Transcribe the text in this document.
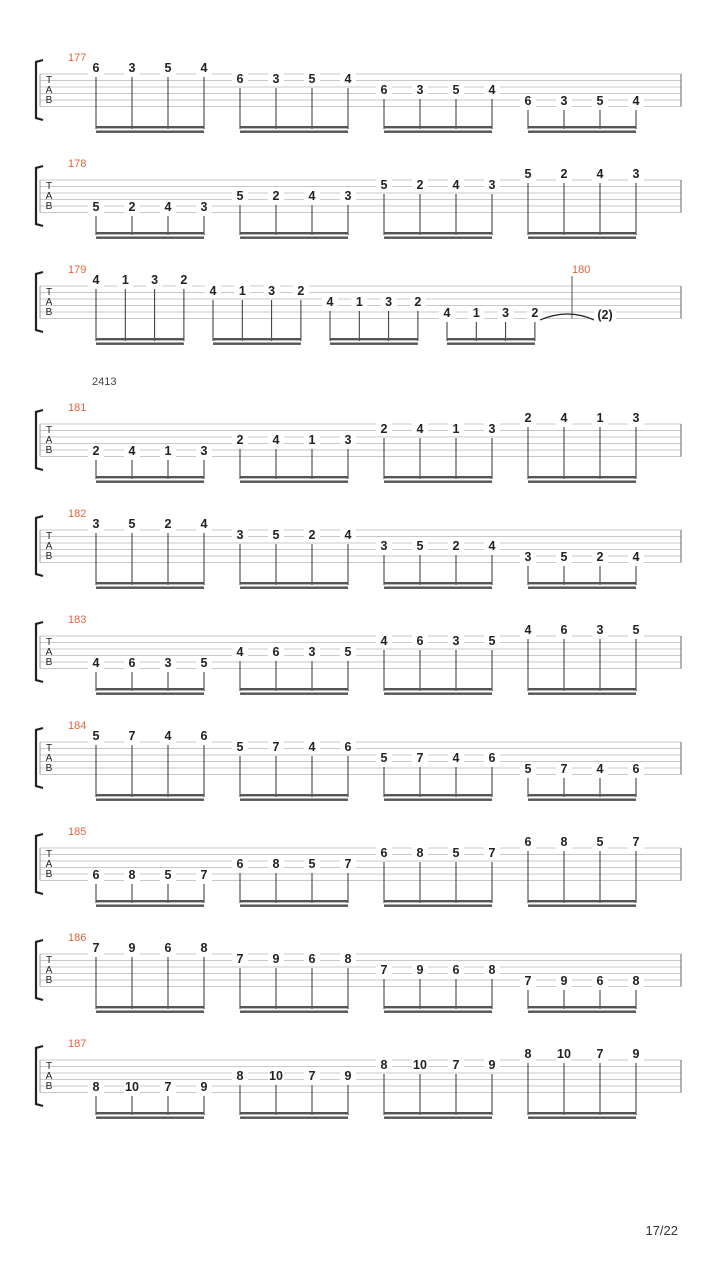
2413
17/22
T
A
B
177
6 3 5 4
6 3 5 4
6 3 5 4
6 3 5 4
T
A
B
178
5 2 4 3
5 2 4 3
5 2 4 3
5 2 4 3
T
A
B
179
4 1 3 2
4 1 3 2
4 1 3 2
4 1 3 2
180
(2)
T
A
B
181
2 4 1 3
2 4 1 3
2 4 1 3
2 4 1 3
T
A
B
182
3 5 2 4
3 5 2 4
3 5 2 4
3 5 2 4
T
A
B
183
4 6 3 5
4 6 3 5
4 6 3 5
4 6 3 5
T
A
B
184
5 7 4 6
5 7 4 6
5 7 4 6
5 7 4 6
T
A
B
185
6 8 5 7
6 8 5 7
6 8 5 7
6 8 5 7
T
A
B
186
7 9 6 8
7 9 6 8
7 9 6 8
7 9 6 8
T
A
B
187
8 10 7 9
8 10 7 9
8 10 7 9
8 10 7 9
